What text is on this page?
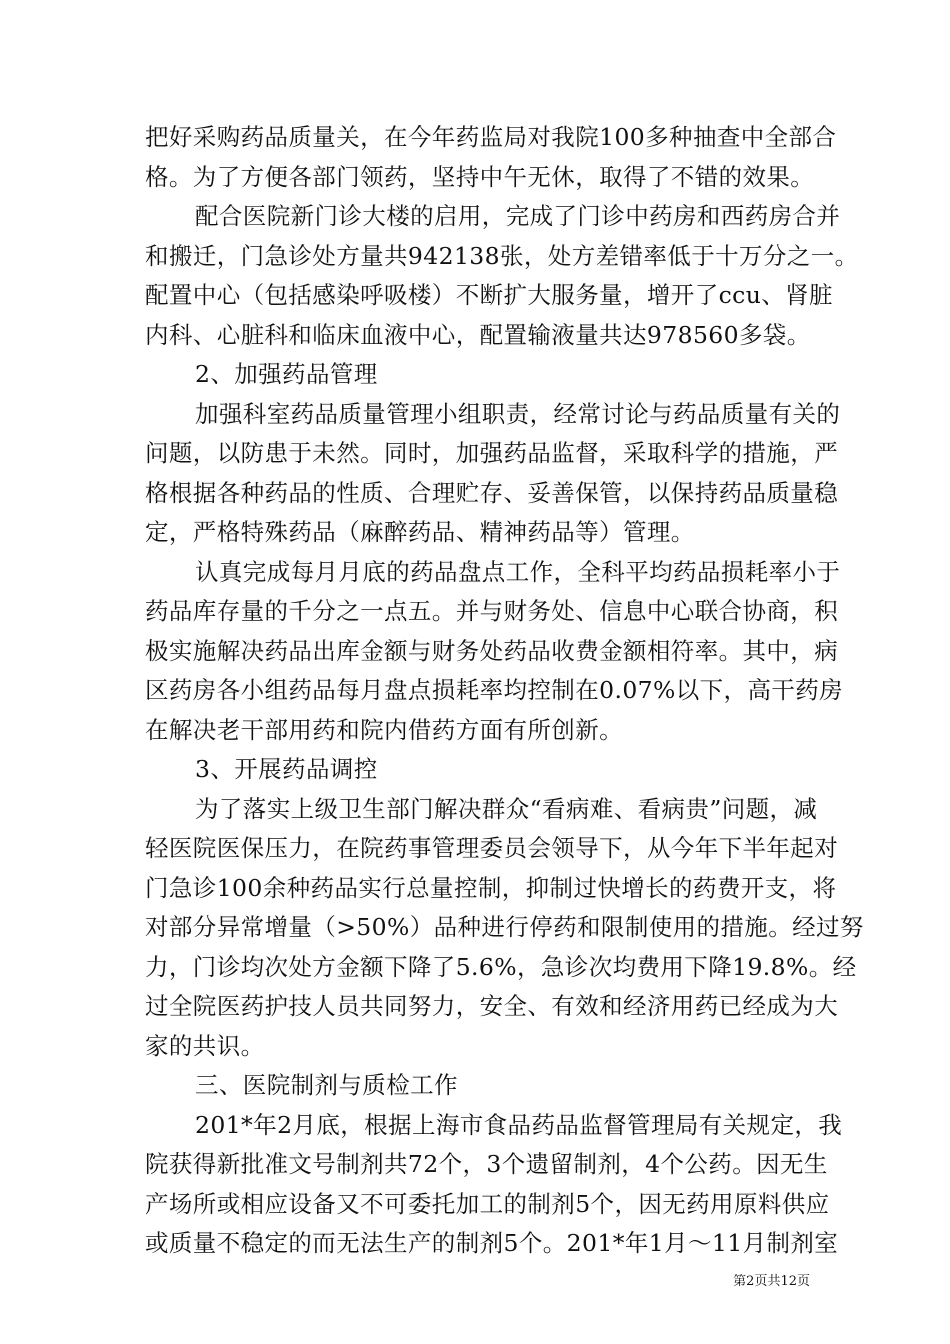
把好采购药品质量关，在今年药监局对我院100多种抽查中全部合
格。为了方便各部门领药，坚持中午无休，取得了不错的效果。
配合医院新门诊大楼的启用，完成了门诊中药房和西药房合并
和搬迁，门急诊处方量共942138张，处方差错率低于十万分之一。
配置中心（包括感染呼吸楼）不断扩大服务量，增开了ccu、肾脏
内科、心脏科和临床血液中心，配置输液量共达978560多袋。
2、加强药品管理
加强科室药品质量管理小组职责，经常讨论与药品质量有关的
问题，以防患于未然。同时，加强药品监督，采取科学的措施，严
格根据各种药品的性质、合理贮存、妥善保管，以保持药品质量稳
定，严格特殊药品（麻醉药品、精神药品等）管理。
认真完成每月月底的药品盘点工作，全科平均药品损耗率小于
药品库存量的千分之一点五。并与财务处、信息中心联合协商，积
极实施解决药品出库金额与财务处药品收费金额相符率。其中，病
区药房各小组药品每月盘点损耗率均控制在0.07%以下，高干药房
在解决老干部用药和院内借药方面有所创新。
3、开展药品调控
为了落实上级卫生部门解决群众“看病难、看病贵”问题，减
轻医院医保压力，在院药事管理委员会领导下，从今年下半年起对
门急诊100余种药品实行总量控制，抑制过快增长的药费开支，将
对部分异常增量（>50%）品种进行停药和限制使用的措施。经过努
力，门诊均次处方金额下降了5.6%，急诊次均费用下降19.8%。经
过全院医药护技人员共同努力，安全、有效和经济用药已经成为大
家的共识。
三、医院制剂与质检工作
201*年2月底，根据上海市食品药品监督管理局有关规定，我
院获得新批准文号制剂共72个，3个遗留制剂，4个公药。因无生
产场所或相应设备又不可委托加工的制剂5个，因无药用原料供应
或质量不稳定的而无法生产的制剂5个。201*年1月～11月制剂室
第2页共12页
